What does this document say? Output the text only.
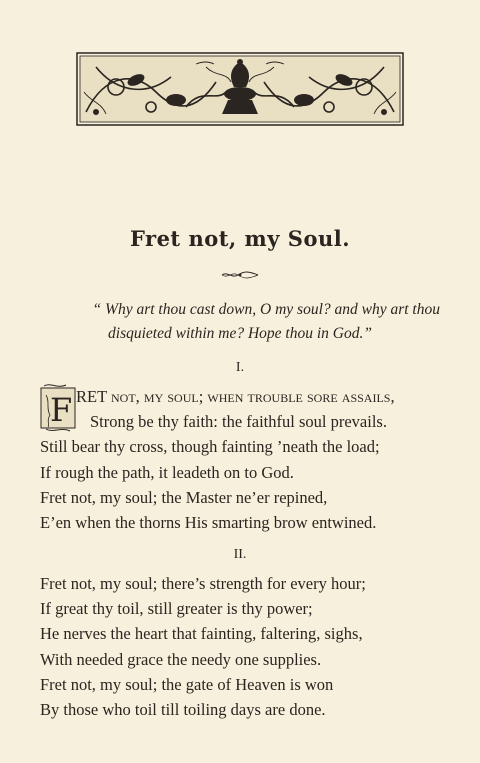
Fret not, my Soul.
“ Why art thou cast down, O my soul? and why art thou
disquieted within me? Hope thou in God.”
I.
F RET not, my soul; when trouble sore assails,
Strong be thy faith: the faithful soul prevails.
Still bear thy cross, though fainting ’neath the load;
If rough the path, it leadeth on to God.
Fret not, my soul; the Master ne’er repined,
E’en when the thorns His smarting brow entwined.
II.
Fret not, my soul; there’s strength for every hour;
If great thy toil, still greater is thy power;
He nerves the heart that fainting, faltering, sighs,
With needed grace the needy one supplies.
Fret not, my soul; the gate of Heaven is won
By those who toil till toiling days are done.
